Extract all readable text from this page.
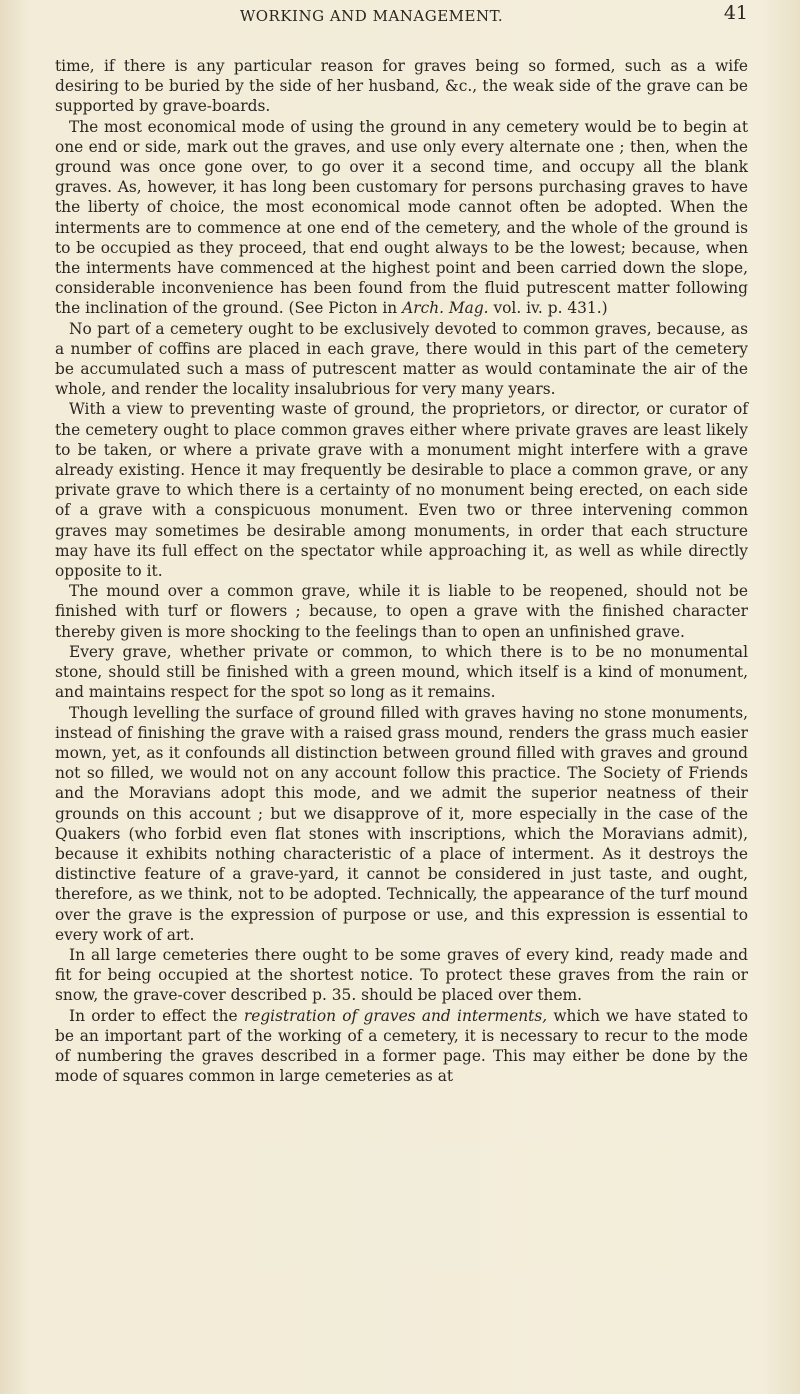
WORKING AND MANAGEMENT.	41

time, if there is any particular reason for graves being so formed, such as a wife desiring to be buried by the side of her husband, &c., the weak side of the grave can be supported by grave-boards.

The most economical mode of using the ground in any cemetery would be to begin at one end or side, mark out the graves, and use only every alternate one ; then, when the ground was once gone over, to go over it a second time, and occupy all the blank graves. As, however, it has long been customary for persons purchasing graves to have the liberty of choice, the most economical mode cannot often be adopted. When the interments are to commence at one end of the cemetery, and the whole of the ground is to be occupied as they proceed, that end ought always to be the lowest; because, when the interments have commenced at the highest point and been carried down the slope, considerable inconvenience has been found from the fluid putrescent matter following the inclination of the ground. (See Picton in Arch. Mag. vol. iv. p. 431.)

No part of a cemetery ought to be exclusively devoted to common graves, because, as a number of coffins are placed in each grave, there would in this part of the cemetery be accumulated such a mass of putrescent matter as would contaminate the air of the whole, and render the locality insalubrious for very many years.

With a view to preventing waste of ground, the proprietors, or director, or curator of the cemetery ought to place common graves either where private graves are least likely to be taken, or where a private grave with a monument might interfere with a grave already existing. Hence it may frequently be desirable to place a common grave, or any private grave to which there is a certainty of no monument being erected, on each side of a grave with a conspicuous monument. Even two or three intervening common graves may sometimes be desirable among monuments, in order that each structure may have its full effect on the spectator while approaching it, as well as while directly opposite to it.

The mound over a common grave, while it is liable to be reopened, should not be finished with turf or flowers ; because, to open a grave with the finished character thereby given is more shocking to the feelings than to open an unfinished grave.

Every grave, whether private or common, to which there is to be no monumental stone, should still be finished with a green mound, which itself is a kind of monument, and maintains respect for the spot so long as it remains.

Though levelling the surface of ground filled with graves having no stone monuments, instead of finishing the grave with a raised grass mound, renders the grass much easier mown, yet, as it confounds all distinction between ground filled with graves and ground not so filled, we would not on any account follow this practice. The Society of Friends and the Moravians adopt this mode, and we admit the superior neatness of their grounds on this account ; but we disapprove of it, more especially in the case of the Quakers (who forbid even flat stones with inscriptions, which the Moravians admit), because it exhibits nothing characteristic of a place of interment. As it destroys the distinctive feature of a grave-yard, it cannot be considered in just taste, and ought, therefore, as we think, not to be adopted. Technically, the appearance of the turf mound over the grave is the expression of purpose or use, and this expression is essential to every work of art.

In all large cemeteries there ought to be some graves of every kind, ready made and fit for being occupied at the shortest notice. To protect these graves from the rain or snow, the grave-cover described p. 35. should be placed over them.

In order to effect the registration of graves and interments, which we have stated to be an important part of the working of a cemetery, it is necessary to recur to the mode of numbering the graves described in a former page. This may either be done by the mode of squares common in large cemeteries as at
